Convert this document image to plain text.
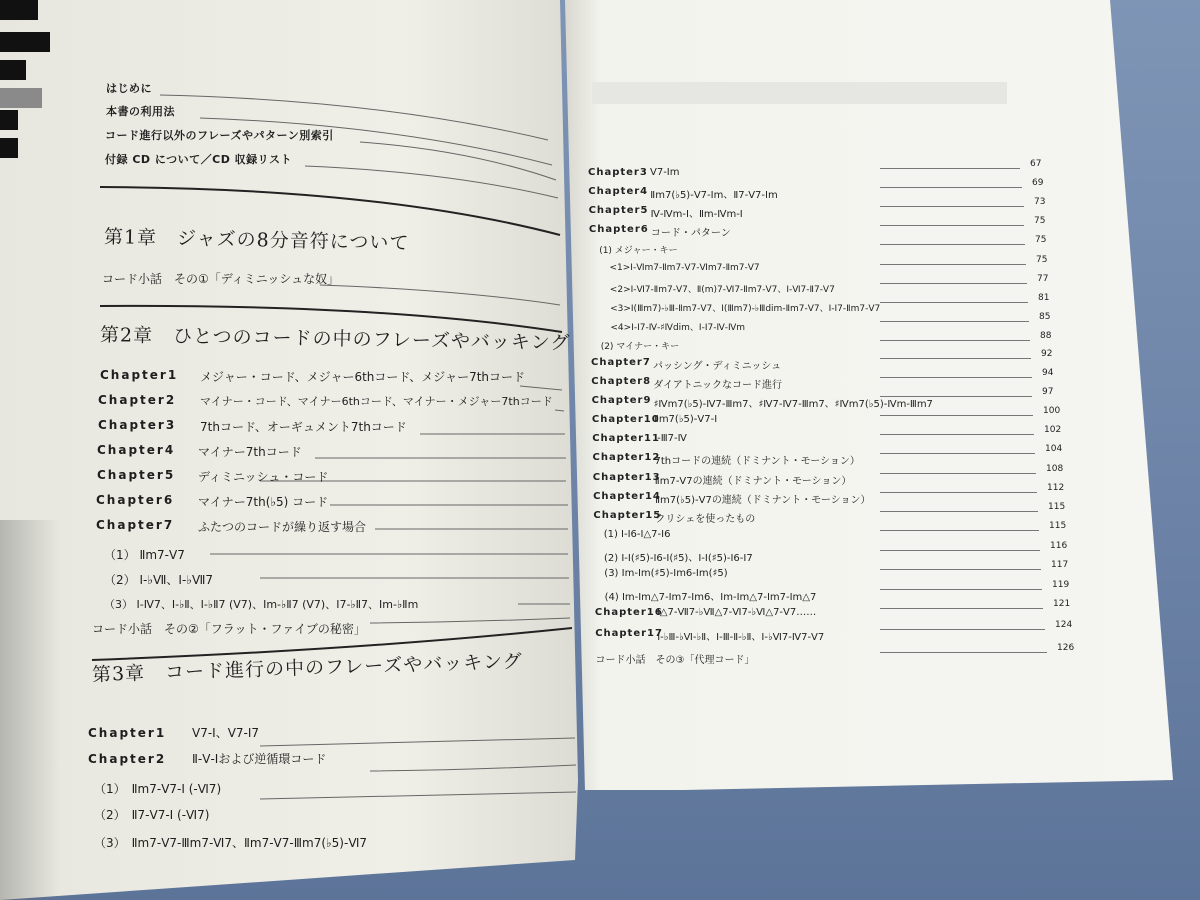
はじめに
本書の利用法
コード進行以外のフレーズやパターン別索引
付録 CD について／CD 収録リスト
第1章　ジャズの8分音符について
コード小話　その①「ディミニッシュな奴」
第2章　ひとつのコードの中のフレーズやバッキング
Chapter1 メジャー・コード、メジャー6thコード、メジャー7thコード
Chapter2 マイナー・コード、マイナー6thコード、マイナー・メジャー7thコード
Chapter3 7thコード、オーギュメント7thコード
Chapter4 マイナー7thコード
Chapter5 ディミニッシュ・コード
Chapter6 マイナー7th(♭5) コード
Chapter7 ふたつのコードが繰り返す場合
（1） Ⅱm7-Ⅴ7
（2） Ⅰ-♭Ⅶ、Ⅰ-♭Ⅶ7
（3） Ⅰ-Ⅳ7、Ⅰ-♭Ⅱ、Ⅰ-♭Ⅱ7 (Ⅴ7)、Ⅰm-♭Ⅱ7 (Ⅴ7)、Ⅰ7-♭Ⅱ7、Ⅰm-♭Ⅱm
コード小話　その②「フラット・ファイブの秘密」
第3章　コード進行の中のフレーズやバッキング
Chapter1 Ⅴ7-Ⅰ、Ⅴ7-Ⅰ7
Chapter2 Ⅱ-Ⅴ-Ⅰおよび逆循環コード
（1）　Ⅱm7-Ⅴ7-Ⅰ (-Ⅵ7)
（2）　Ⅱ7-Ⅴ7-Ⅰ (-Ⅵ7)
（3）　Ⅱm7-Ⅴ7-Ⅲm7-Ⅵ7、Ⅱm7-Ⅴ7-Ⅲm7(♭5)-Ⅵ7
Chapter3 Ⅴ7-Ⅰm
67
Chapter4 Ⅱm7(♭5)-Ⅴ7-Ⅰm、Ⅱ7-Ⅴ7-Ⅰm
69
Chapter5 Ⅳ-Ⅳm-Ⅰ、Ⅱm-Ⅳm-Ⅰ
73
Chapter6 コード・パターン
75
(1) メジャー・キー
75
<1>Ⅰ-Ⅵm7-Ⅱm7-Ⅴ7-Ⅵm7-Ⅱm7-Ⅴ7
75
<2>Ⅰ-Ⅵ7-Ⅱm7-Ⅴ7、Ⅱ(m)7-Ⅵ7-Ⅱm7-Ⅴ7、Ⅰ-Ⅵ7-Ⅱ7-Ⅴ7
77
<3>Ⅰ(Ⅲm7)-♭Ⅲ-Ⅱm7-Ⅴ7、Ⅰ(Ⅲm7)-♭Ⅲdim-Ⅱm7-Ⅴ7、Ⅰ-Ⅰ7-Ⅱm7-Ⅴ7
81
<4>Ⅰ-Ⅰ7-Ⅳ-♯Ⅳdim、Ⅰ-Ⅰ7-Ⅳ-Ⅳm
85
(2) マイナー・キー
88
Chapter7 パッシング・ディミニッシュ
92
Chapter8 ダイアトニックなコード進行
94
Chapter9 ♯Ⅳm7(♭5)-Ⅳ7-Ⅲm7、♯Ⅳ7-Ⅳ7-Ⅲm7、♯Ⅳm7(♭5)-Ⅳm-Ⅲm7
97
Chapter10
Ⅱm7(♭5)-Ⅴ7-Ⅰ
100
Chapter11
Ⅰ-Ⅲ7-Ⅳ
102
Chapter12
7thコードの連続（ドミナント・モーション）
104
Chapter13
Ⅱm7-Ⅴ7の連続（ドミナント・モーション）
108
Chapter14
Ⅱm7(♭5)-Ⅴ7の連続（ドミナント・モーション）
112
Chapter15
クリシェを使ったもの
115
(1) Ⅰ-Ⅰ6-Ⅰ△7-Ⅰ6
115
(2) Ⅰ-Ⅰ(♯5)-Ⅰ6-Ⅰ(♯5)、Ⅰ-Ⅰ(♯5)-Ⅰ6-Ⅰ7
116
(3) Ⅰm-Ⅰm(♯5)-Ⅰm6-Ⅰm(♯5)
117
(4) Ⅰm-Ⅰm△7-Ⅰm7-Ⅰm6、Ⅰm-Ⅰm△7-Ⅰm7-Ⅰm△7
119
Chapter16
Ⅰ△7-Ⅶ7-♭Ⅶ△7-Ⅵ7-♭Ⅵ△7-Ⅴ7……
121
Chapter17
Ⅰ-♭Ⅲ-♭Ⅵ-♭Ⅱ、Ⅰ-Ⅲ-Ⅱ-♭Ⅱ、Ⅰ-♭Ⅵ7-Ⅳ7-Ⅴ7
124
コード小話　その③「代理コード」
126
